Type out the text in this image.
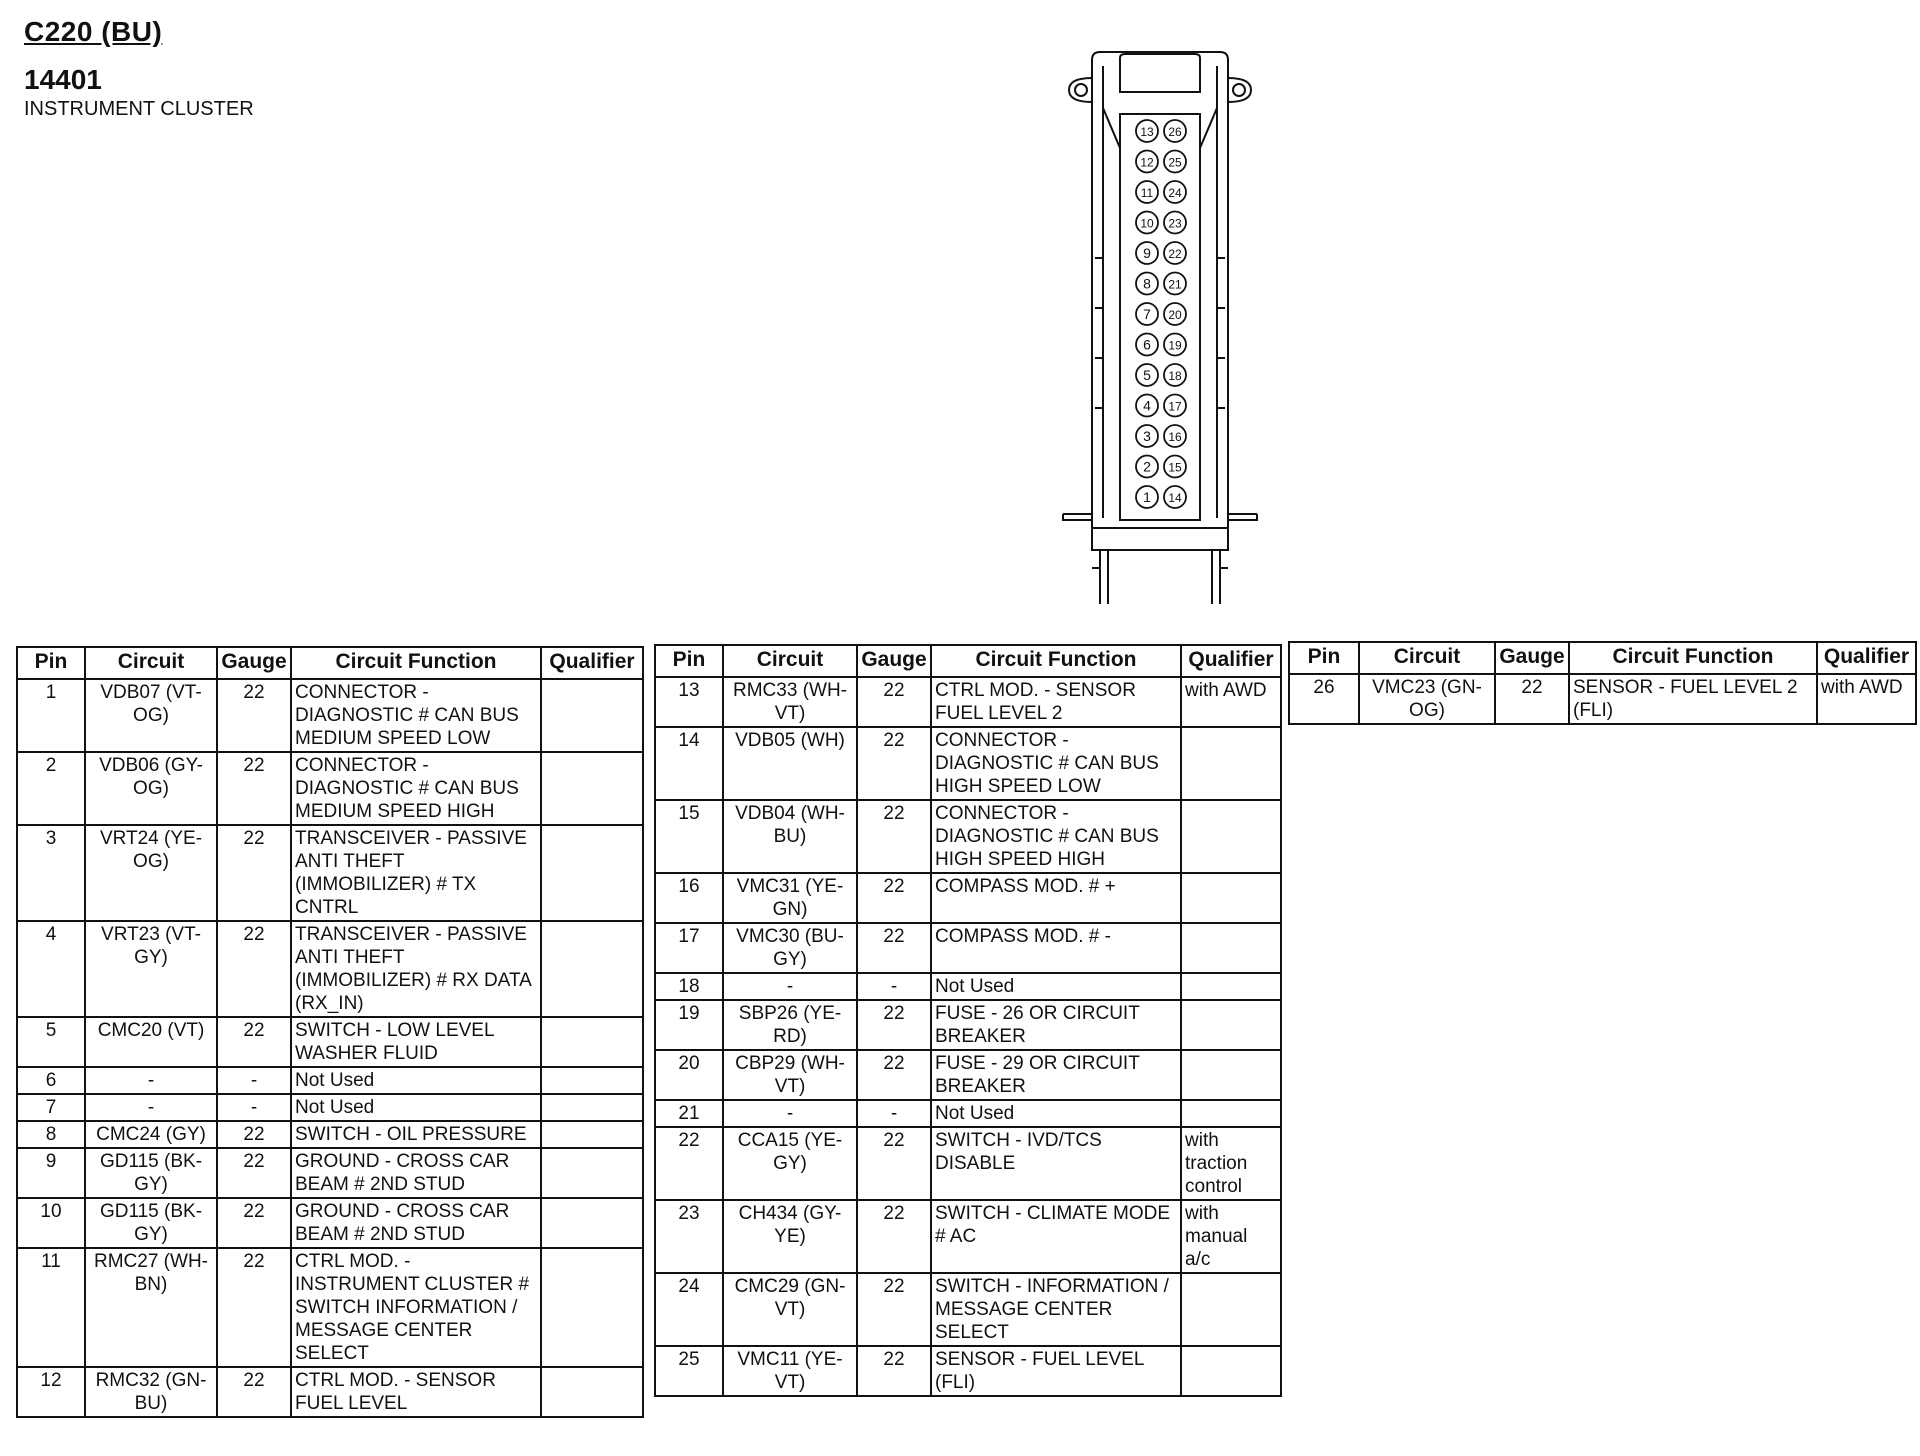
C220 (BU)
14401
INSTRUMENT CLUSTER
13 26
12 25
11 24
10 23
9 22
8 21
7 20
6 19
5 18
4 17
3 16
2 15
1 14
Pin	Circuit	Gauge	Circuit Function	Qualifier
1	VDB07 (VT-OG)	22	CONNECTOR - DIAGNOSTIC # CAN BUS MEDIUM SPEED LOW	
2	VDB06 (GY-OG)	22	CONNECTOR - DIAGNOSTIC # CAN BUS MEDIUM SPEED HIGH	
3	VRT24 (YE-OG)	22	TRANSCEIVER - PASSIVE ANTI THEFT (IMMOBILIZER) # TX CNTRL	
4	VRT23 (VT-GY)	22	TRANSCEIVER - PASSIVE ANTI THEFT (IMMOBILIZER) # RX DATA (RX_IN)	
5	CMC20 (VT)	22	SWITCH - LOW LEVEL WASHER FLUID	
6	-	-	Not Used	
7	-	-	Not Used	
8	CMC24 (GY)	22	SWITCH - OIL PRESSURE	
9	GD115 (BK-GY)	22	GROUND - CROSS CAR BEAM # 2ND STUD	
10	GD115 (BK-GY)	22	GROUND - CROSS CAR BEAM # 2ND STUD	
11	RMC27 (WH-BN)	22	CTRL MOD. - INSTRUMENT CLUSTER # SWITCH INFORMATION / MESSAGE CENTER SELECT	
12	RMC32 (GN-BU)	22	CTRL MOD. - SENSOR FUEL LEVEL	
Pin	Circuit	Gauge	Circuit Function	Qualifier
13	RMC33 (WH-VT)	22	CTRL MOD. - SENSOR FUEL LEVEL 2	with AWD
14	VDB05 (WH)	22	CONNECTOR - DIAGNOSTIC # CAN BUS HIGH SPEED LOW	
15	VDB04 (WH-BU)	22	CONNECTOR - DIAGNOSTIC # CAN BUS HIGH SPEED HIGH	
16	VMC31 (YE-GN)	22	COMPASS MOD. # +	
17	VMC30 (BU-GY)	22	COMPASS MOD. # -	
18	-	-	Not Used	
19	SBP26 (YE-RD)	22	FUSE - 26 OR CIRCUIT BREAKER	
20	CBP29 (WH-VT)	22	FUSE - 29 OR CIRCUIT BREAKER	
21	-	-	Not Used	
22	CCA15 (YE-GY)	22	SWITCH - IVD/TCS DISABLE	with traction control
23	CH434 (GY-YE)	22	SWITCH - CLIMATE MODE # AC	with manual a/c
24	CMC29 (GN-VT)	22	SWITCH - INFORMATION / MESSAGE CENTER SELECT	
25	VMC11 (YE-VT)	22	SENSOR - FUEL LEVEL (FLI)	
Pin	Circuit	Gauge	Circuit Function	Qualifier
26	VMC23 (GN-OG)	22	SENSOR - FUEL LEVEL 2 (FLI)	with AWD
